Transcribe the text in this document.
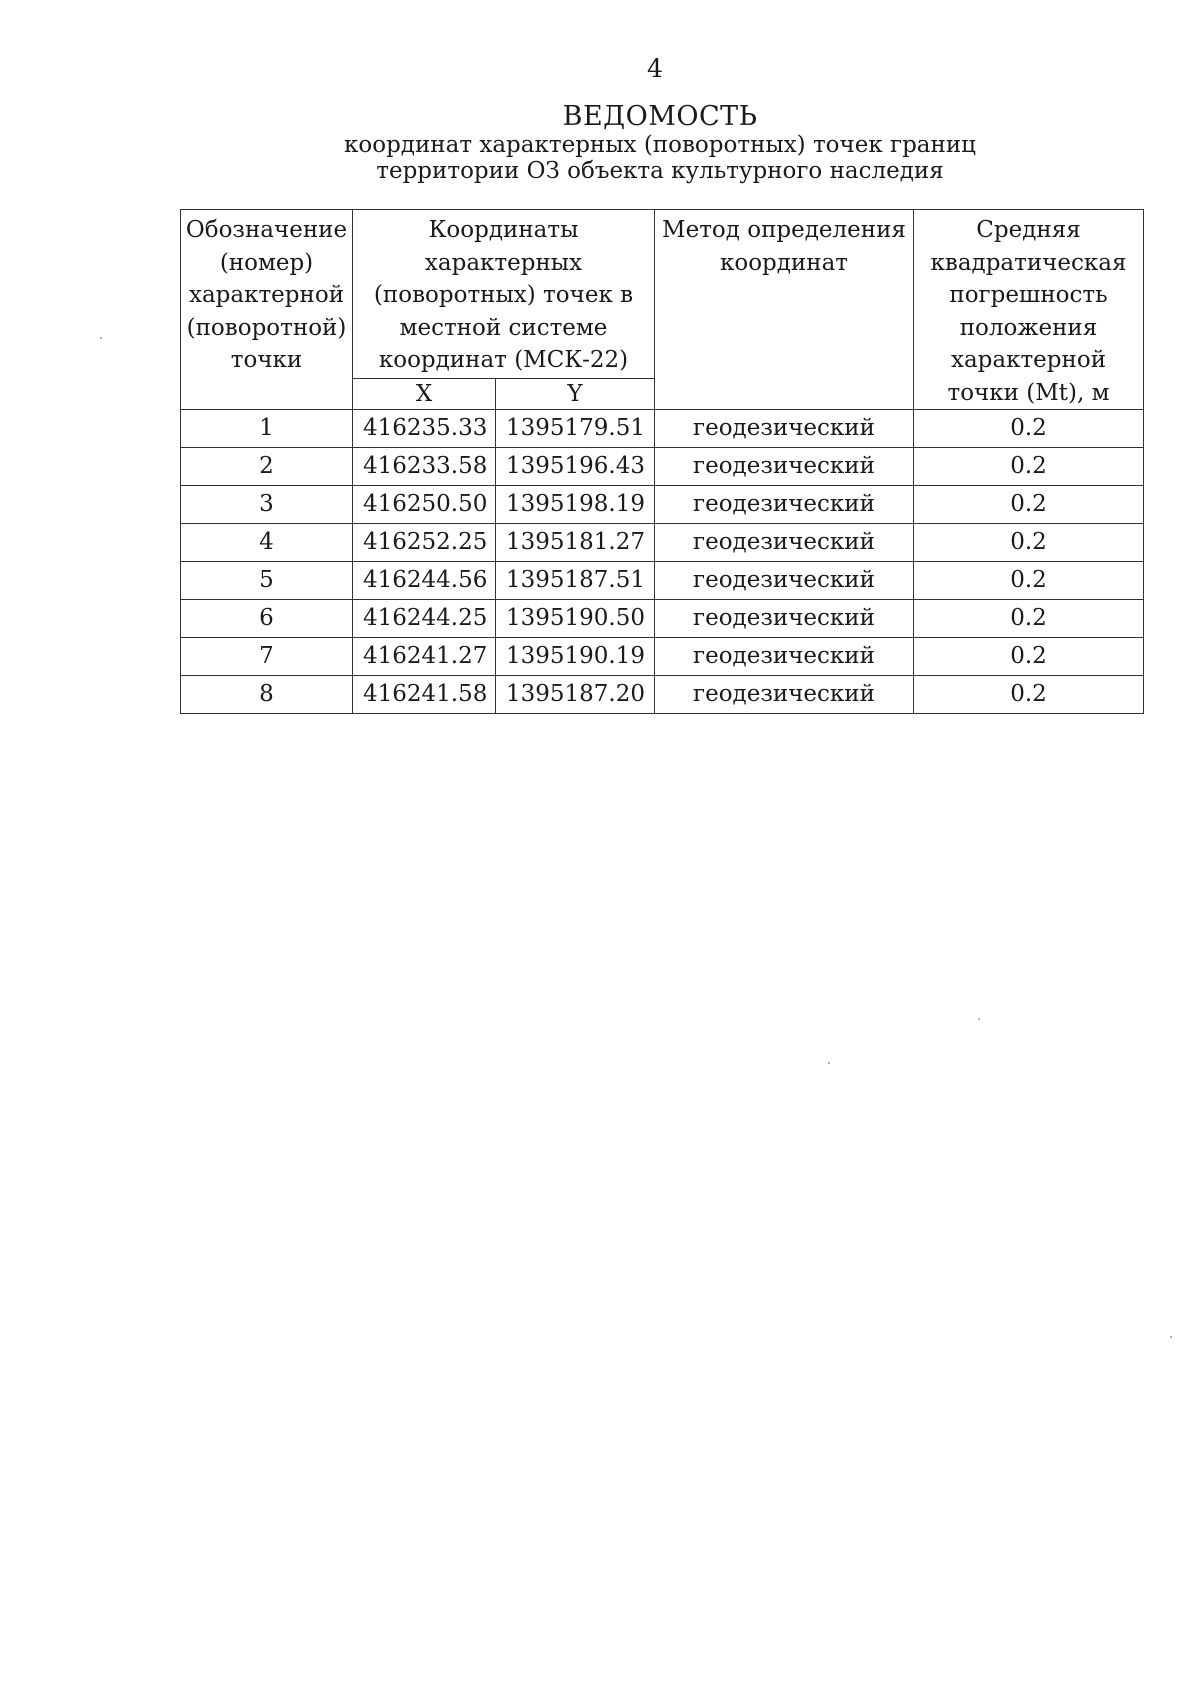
4
ВЕДОМОСТЬ
координат характерных (поворотных) точек границ
территории ОЗ объекта культурного наследия
Обозначение (номер) характерной (поворотной) точки	Координаты характерных (поворотных) точек в местной системе координат (МСК-22)		Метод определения координат	Средняя квадратическая погрешность положения характерной точки (Mt), м
	X	Y		
1	416235.33	1395179.51	геодезический	0.2
2	416233.58	1395196.43	геодезический	0.2
3	416250.50	1395198.19	геодезический	0.2
4	416252.25	1395181.27	геодезический	0.2
5	416244.56	1395187.51	геодезический	0.2
6	416244.25	1395190.50	геодезический	0.2
7	416241.27	1395190.19	геодезический	0.2
8	416241.58	1395187.20	геодезический	0.2
